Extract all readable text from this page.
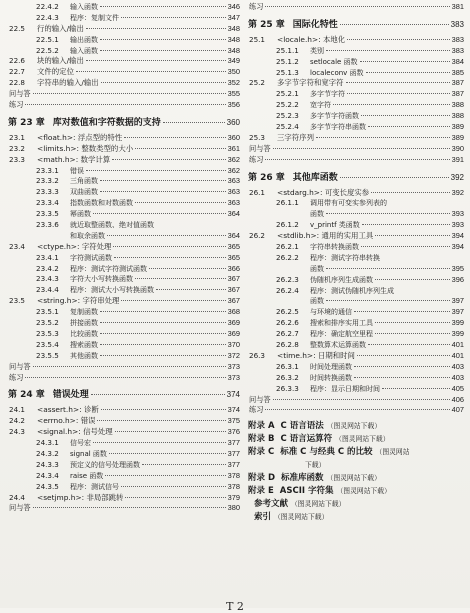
22.4.2	输入函数	346
22.4.3	程序：复制文件	347
22.5	行的输入/输出	348
22.5.1	输出函数	348
22.5.2	输入函数	348
22.6	块的输入/输出	349
22.7	文件的定位	350
22.8	字符串的输入/输出	352
问与答	355
练习	356
第 23 章 库对数值和字符数据的支持	360
23.1	<float.h>: 浮点型的特性	360
23.2	<limits.h>: 整数类型的大小	361
23.3	<math.h>: 数学计算	362
23.3.1	错误	362
23.3.2	三角函数	363
23.3.3	双曲函数	363
23.3.4	指数函数和对数函数	363
23.3.5	幂函数	364
23.3.6	就近取整函数、绝对值函数
和取余函数	364
23.4	<ctype.h>: 字符处理	365
23.4.1	字符测试函数	365
23.4.2	程序：测试字符测试函数	366
23.4.3	字符大小写转换函数	367
23.4.4	程序：测试大小写转换函数	367
23.5	<string.h>: 字符串处理	367
23.5.1	复制函数	368
23.5.2	拼接函数	369
23.5.3	比较函数	369
23.5.4	搜索函数	370
23.5.5	其他函数	372
问与答	373
练习	373
第 24 章 错误处理	374
24.1	<assert.h>: 诊断	374
24.2	<errno.h>: 错误	375
24.3	<signal.h>: 信号处理	376
24.3.1	信号宏	377
24.3.2	signal 函数	377
24.3.3	预定义的信号处理函数	377
24.3.4	raise 函数	378
24.3.5	程序：测试信号	378
24.4	<setjmp.h>: 非局部跳转	379
问与答	380
练习	381
第 25 章 国际化特性	383
25.1	<locale.h>: 本地化	383
25.1.1	类别	383
25.1.2	setlocale 函数	384
25.1.3	localeconv 函数	385
25.2	多字节字符和宽字符	387
25.2.1	多字节字符	387
25.2.2	宽字符	388
25.2.3	多字节字符函数	388
25.2.4	多字节字符串函数	389
25.3	三字符序列	389
问与答	390
练习	391
第 26 章 其他库函数	392
26.1	<stdarg.h>: 可变长度实参	392
26.1.1	调用带有可变实参列表的
函数	393
26.1.2	v_printf 类函数	393
26.2	<stdlib.h>: 通用的实用工具	394
26.2.1	字符串转换函数	394
26.2.2	程序：测试字符串转换
函数	395
26.2.3	伪随机序列生成函数	396
26.2.4	程序：测试伪随机序列生成
函数	397
26.2.5	与环境的通信	397
26.2.6	搜索和排序实用工具	399
26.2.7	程序：确定航空里程	399
26.2.8	整数算术运算函数	401
26.3	<time.h>: 日期和时间	401
26.3.1	时间处理函数	403
26.3.2	时间转换函数	403
26.3.3	程序：显示日期和时间	405
问与答	406
练习	407
附录 A C 语言语法 （图灵网站下载）
附录 B C 语言运算符 （图灵网站下载）
附录 C 标准 C 与经典 C 的比较 （图灵网站
下载）
附录 D 标准库函数 （图灵网站下载）
附录 E ASCII 字符集 （图灵网站下载）
参考文献 （图灵网站下载）
索引 （图灵网站下载）
T 2
